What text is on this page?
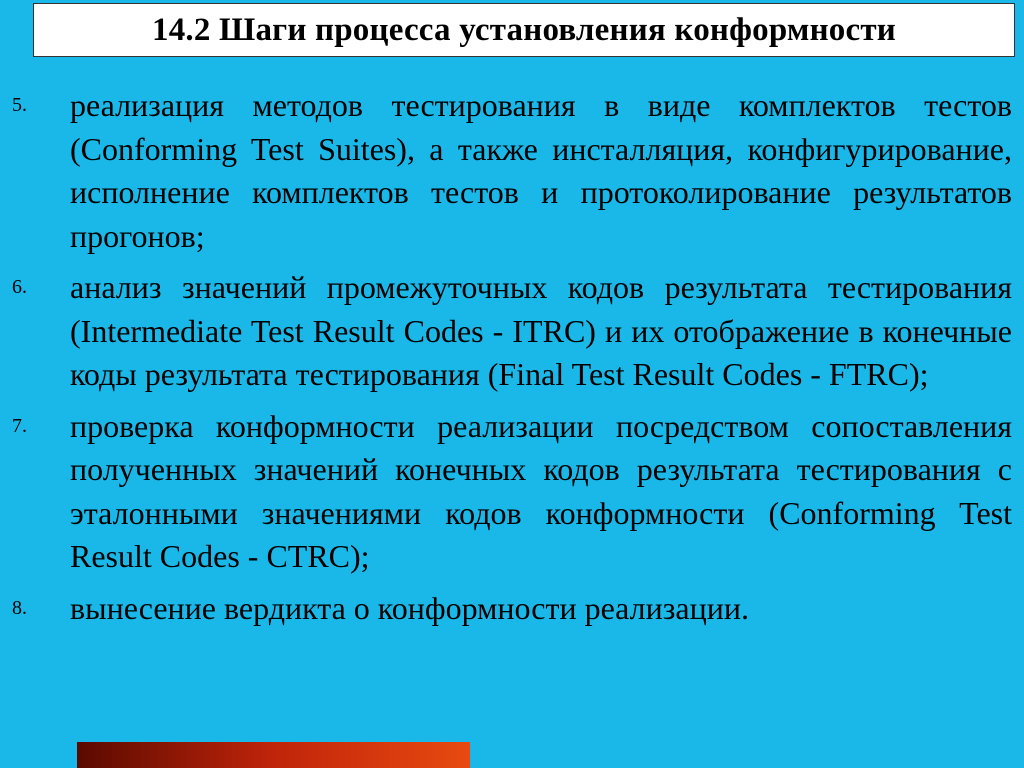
14.2 Шаги процесса установления конформности
5. реализация методов тестирования в виде комплектов тестов (Conforming Test Suites), а также инсталляция, конфигурирование, исполнение комплектов тестов и протоколирование результатов прогонов;
6. анализ значений промежуточных кодов результата тестирования (Intermediate Test Result Codes - ITRC) и их отображение в конечные коды результата тестирования (Final Test Result Codes - FTRC);
7. проверка конформности реализации посредством сопоставления полученных значений конечных кодов результата тестирования с эталонными значениями кодов конформности (Conforming Test Result Codes - CTRC);
8. вынесение вердикта о конформности реализации.
